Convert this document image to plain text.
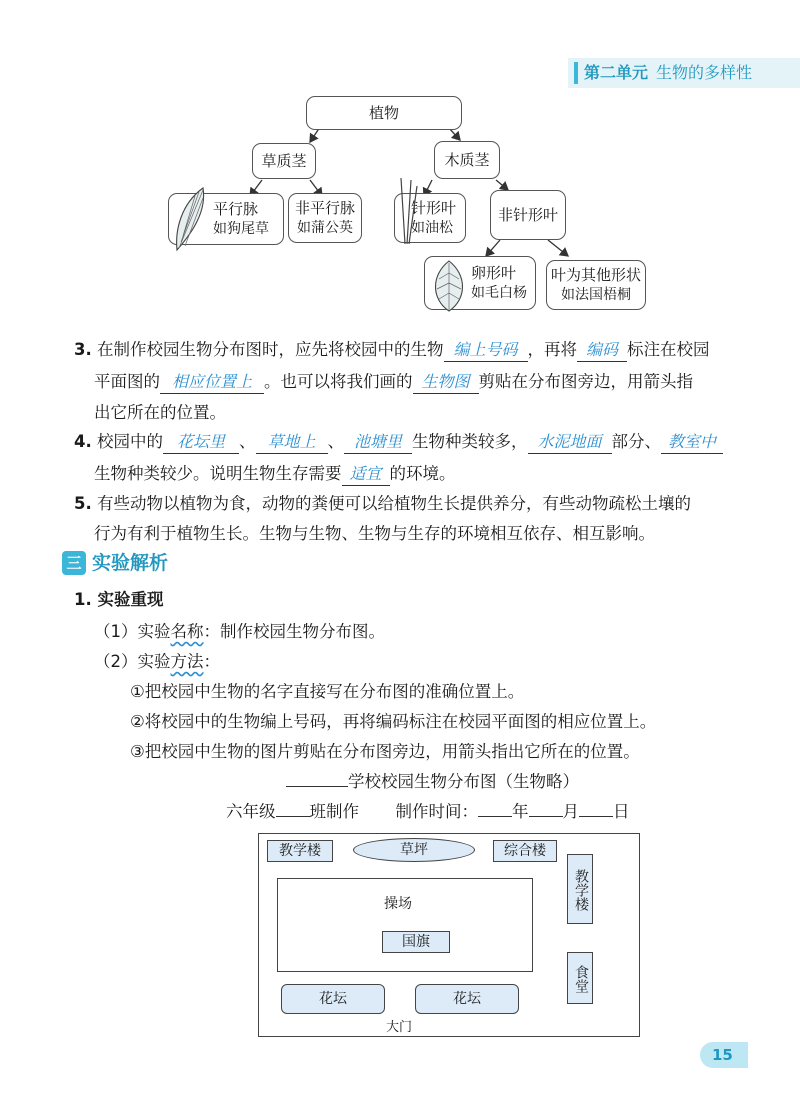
第二单元 生物的多样性
植物
草质茎	木质茎
平行脉
如狗尾草
非平行脉
如蒲公英
针形叶
如油松
非针形叶
卵形叶
如毛白杨
叶为其他形状
如法国梧桐
3. 在制作校园生物分布图时，应先将校园中的生物 编上号码 ，再将 编码 标注在校园
平面图的 相应位置上 。也可以将我们画的 生物图 剪贴在分布图旁边，用箭头指
出它所在的位置。
4. 校园中的 花坛里 、 草地上 、 池塘里 生物种类较多， 水泥地面 部分、 教室中
生物种类较少。说明生物生存需要 适宜 的环境。
5. 有些动物以植物为食，动物的粪便可以给植物生长提供养分，有些动物疏松土壤的
行为有利于植物生长。生物与生物、生物与生存的环境相互依存、相互影响。
三 实验解析
1. 实验重现
（1）实验名称：制作校园生物分布图。
（2）实验方法：
①把校园中生物的名字直接写在分布图的准确位置上。
②将校园中的生物编上号码，再将编码标注在校园平面图的相应位置上。
③把校园中生物的图片剪贴在分布图旁边，用箭头指出它所在的位置。
学校校园生物分布图（生物略）
六年级 班制作 制作时间： 年 月 日
教学楼	草坪	综合楼
教学楼
操场
国旗
食堂
花坛	花坛
大门
15
